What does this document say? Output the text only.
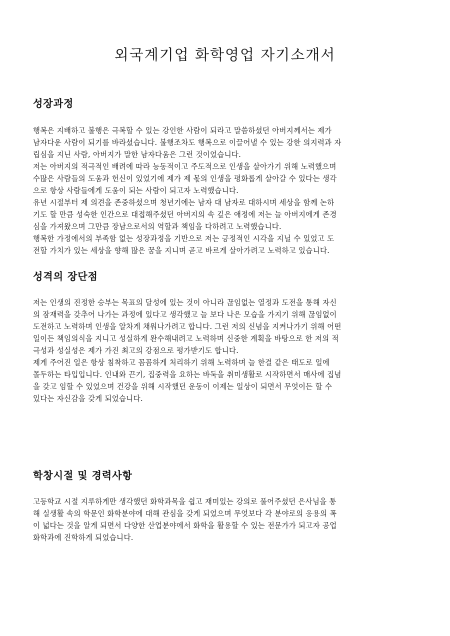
외국계기업 화학영업 자기소개서
성장과정
행복은 지배하고 불행은 극복할 수 있는 강인한 사람이 되라고 말씀하셨던 아버지께서는 제가
남자다운 사람이 되기를 바라셨습니다. 불행조차도 행복으로 이끌어낼 수 있는 강한 의지력과 자
립심을 지닌 사람, 아버지가 말한 남자다움은 그런 것이었습니다.
저는 아버지의 적극적인 배려에 따라 능동적이고 주도적으로 인생을 살아가기 위해 노력했으며
수많은 사람들의 도움과 헌신이 있었기에 제가 제 몫의 인생을 평화롭게 살아갈 수 있다는 생각
으로 항상 사람들에게 도움이 되는 사람이 되고자 노력했습니다.
유년 시절부터 제 의견을 존중하셨으며 청년기에는 남자 대 남자로 대하시며 세상을 함께 논하
기도 할 만큼 성숙한 인간으로 대접해주셨던 아버지의 속 깊은 애정에 저는 늘 아버지에게 존경
심을 가져왔으며 그만큼 장남으로서의 역할과 책임을 다하려고 노력했습니다.
행복한 가정에서의 부족함 없는 성장과정을 기반으로 저는 긍정적인 시각을 지닐 수 있었고 도
전할 가치가 있는 세상을 향해 많은 꿈을 지니며 곧고 바르게 살아가려고 노력하고 있습니다.
성격의 장단점
저는 인생의 진정한 승부는 목표의 달성에 있는 것이 아니라 끊임없는 열정과 도전을 통해 자신
의 잠재력을 갖추어 나가는 과정에 있다고 생각했고 늘 보다 나은 모습을 가지기 위해 끊임없이
도전하고 노력하며 인생을 알차게 채워나가려고 합니다. 그런 저의 신념을 지켜나가기 위해 어떤
일이든 책임의식을 지니고 성실하게 완수해내려고 노력하며 신중한 계획을 바탕으로 한 저의 적
극성과 성실성은 제가 가진 최고의 강점으로 평가받기도 합니다.
제게 주어진 일은 항상 침착하고 꼼꼼하게 처리하기 위해 노력하며 늘 한결 같은 태도로 일에
몰두하는 타입입니다. 인내와 끈기, 집중력을 요하는 바둑을 취미생활로 시작하면서 매사에 집념
을 갖고 임할 수 있었으며 건강을 위해 시작했던 운동이 이제는 일상이 되면서 무엇이든 할 수
있다는 자신감을 갖게 되었습니다.
학창시절 및 경력사항
고등학교 시절 지루하게만 생각했던 화학과목을 쉽고 재미있는 강의로 풀어주셨던 은사님을 통
해 실생활 속의 학문인 화학분야에 대해 관심을 갖게 되었으며 무엇보다 각 분야로의 응용의 폭
이 넓다는 것을 알게 되면서 다양한 산업분야에서 화학을 활용할 수 있는 전문가가 되고자 공업
화학과에 진학하게 되었습니다.
